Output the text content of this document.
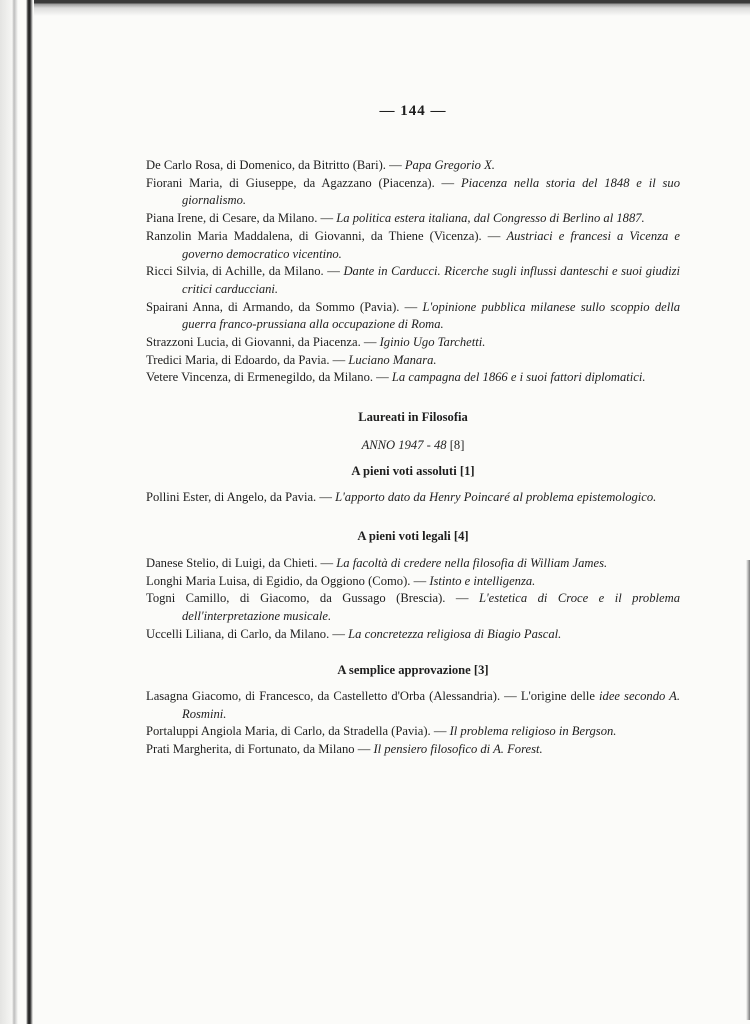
— 144 —

De Carlo Rosa, di Domenico, da Bitritto (Bari). — Papa Gregorio X.

Fiorani Maria, di Giuseppe, da Agazzano (Piacenza). — Piacenza nella storia del 1848 e il suo giornalismo.

Piana Irene, di Cesare, da Milano. — La politica estera italiana, dal Congresso di Berlino al 1887.

Ranzolin Maria Maddalena, di Giovanni, da Thiene (Vicenza). — Austriaci e francesi a Vicenza e governo democratico vicentino.

Ricci Silvia, di Achille, da Milano. — Dante in Carducci. Ricerche sugli influssi danteschi e suoi giudizi critici carducciani.

Spairani Anna, di Armando, da Sommo (Pavia). — L'opinione pubblica milanese sullo scoppio della guerra franco-prussiana alla occupazione di Roma.

Strazzoni Lucia, di Giovanni, da Piacenza. — Iginio Ugo Tarchetti.

Tredici Maria, di Edoardo, da Pavia. — Luciano Manara.

Vetere Vincenza, di Ermenegildo, da Milano. — La campagna del 1866 e i suoi fattori diplomatici.

Laureati in Filosofia

ANNO 1947 - 48 [8]

A pieni voti assoluti [1]

Pollini Ester, di Angelo, da Pavia. — L'apporto dato da Henry Poincaré al problema epistemologico.

A pieni voti legali [4]

Danese Stelio, di Luigi, da Chieti. — La facoltà di credere nella filosofia di William James.

Longhi Maria Luisa, di Egidio, da Oggiono (Como). — Istinto e intelligenza.

Togni Camillo, di Giacomo, da Gussago (Brescia). — L'estetica di Croce e il problema dell'interpretazione musicale.

Uccelli Liliana, di Carlo, da Milano. — La concretezza religiosa di Biagio Pascal.

A semplice approvazione [3]

Lasagna Giacomo, di Francesco, da Castelletto d'Orba (Alessandria). — L'origine delle idee secondo A. Rosmini.

Portaluppi Angiola Maria, di Carlo, da Stradella (Pavia). — Il problema religioso in Bergson.

Prati Margherita, di Fortunato, da Milano — Il pensiero filosofico di A. Forest.
